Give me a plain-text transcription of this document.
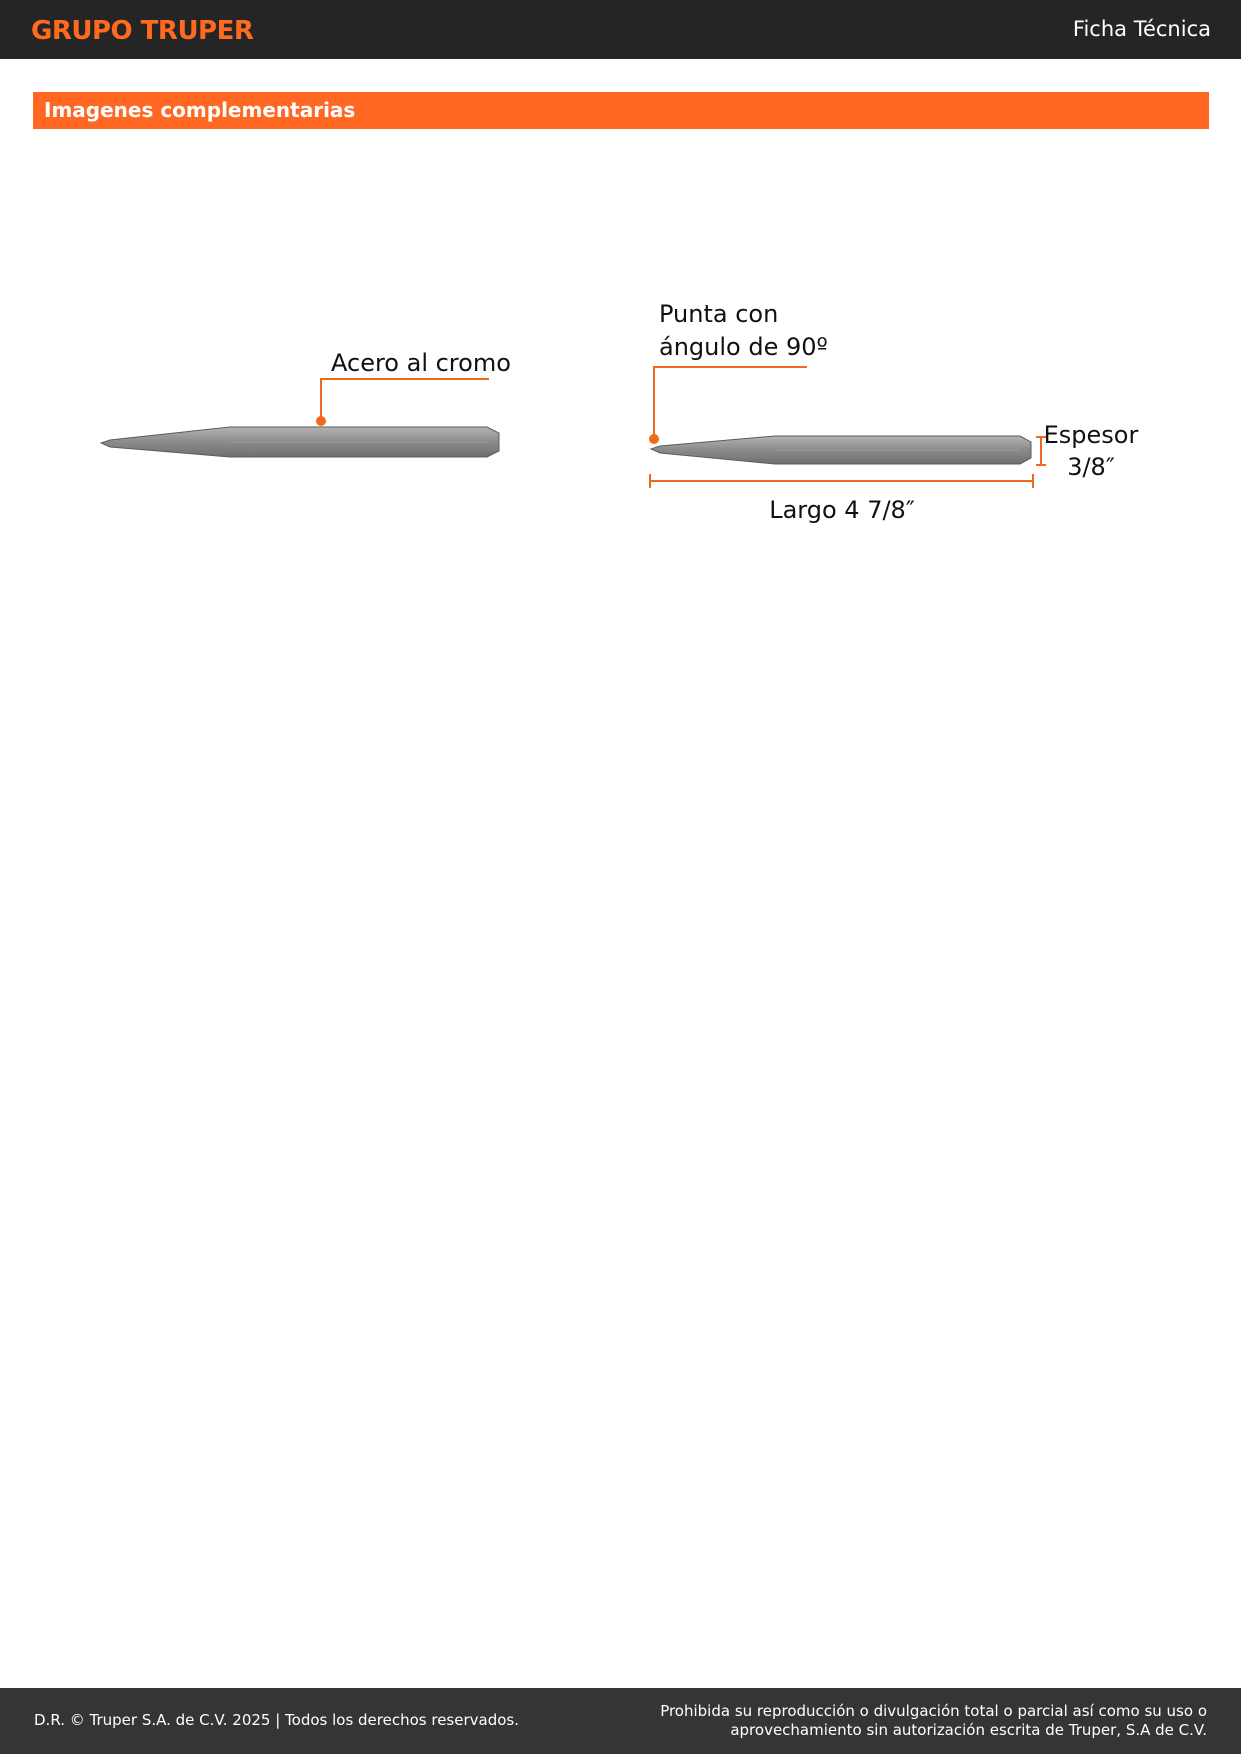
GRUPO TRUPER	Ficha Técnica
Imagenes complementarias
Acero al cromo
Punta con
ángulo de 90º
Espesor
3/8″
Largo 4 7/8″
D.R. © Truper S.A. de C.V. 2025 | Todos los derechos reservados.	Prohibida su reproducción o divulgación total o parcial así como su uso o
aprovechamiento sin autorización escrita de Truper, S.A de C.V.
